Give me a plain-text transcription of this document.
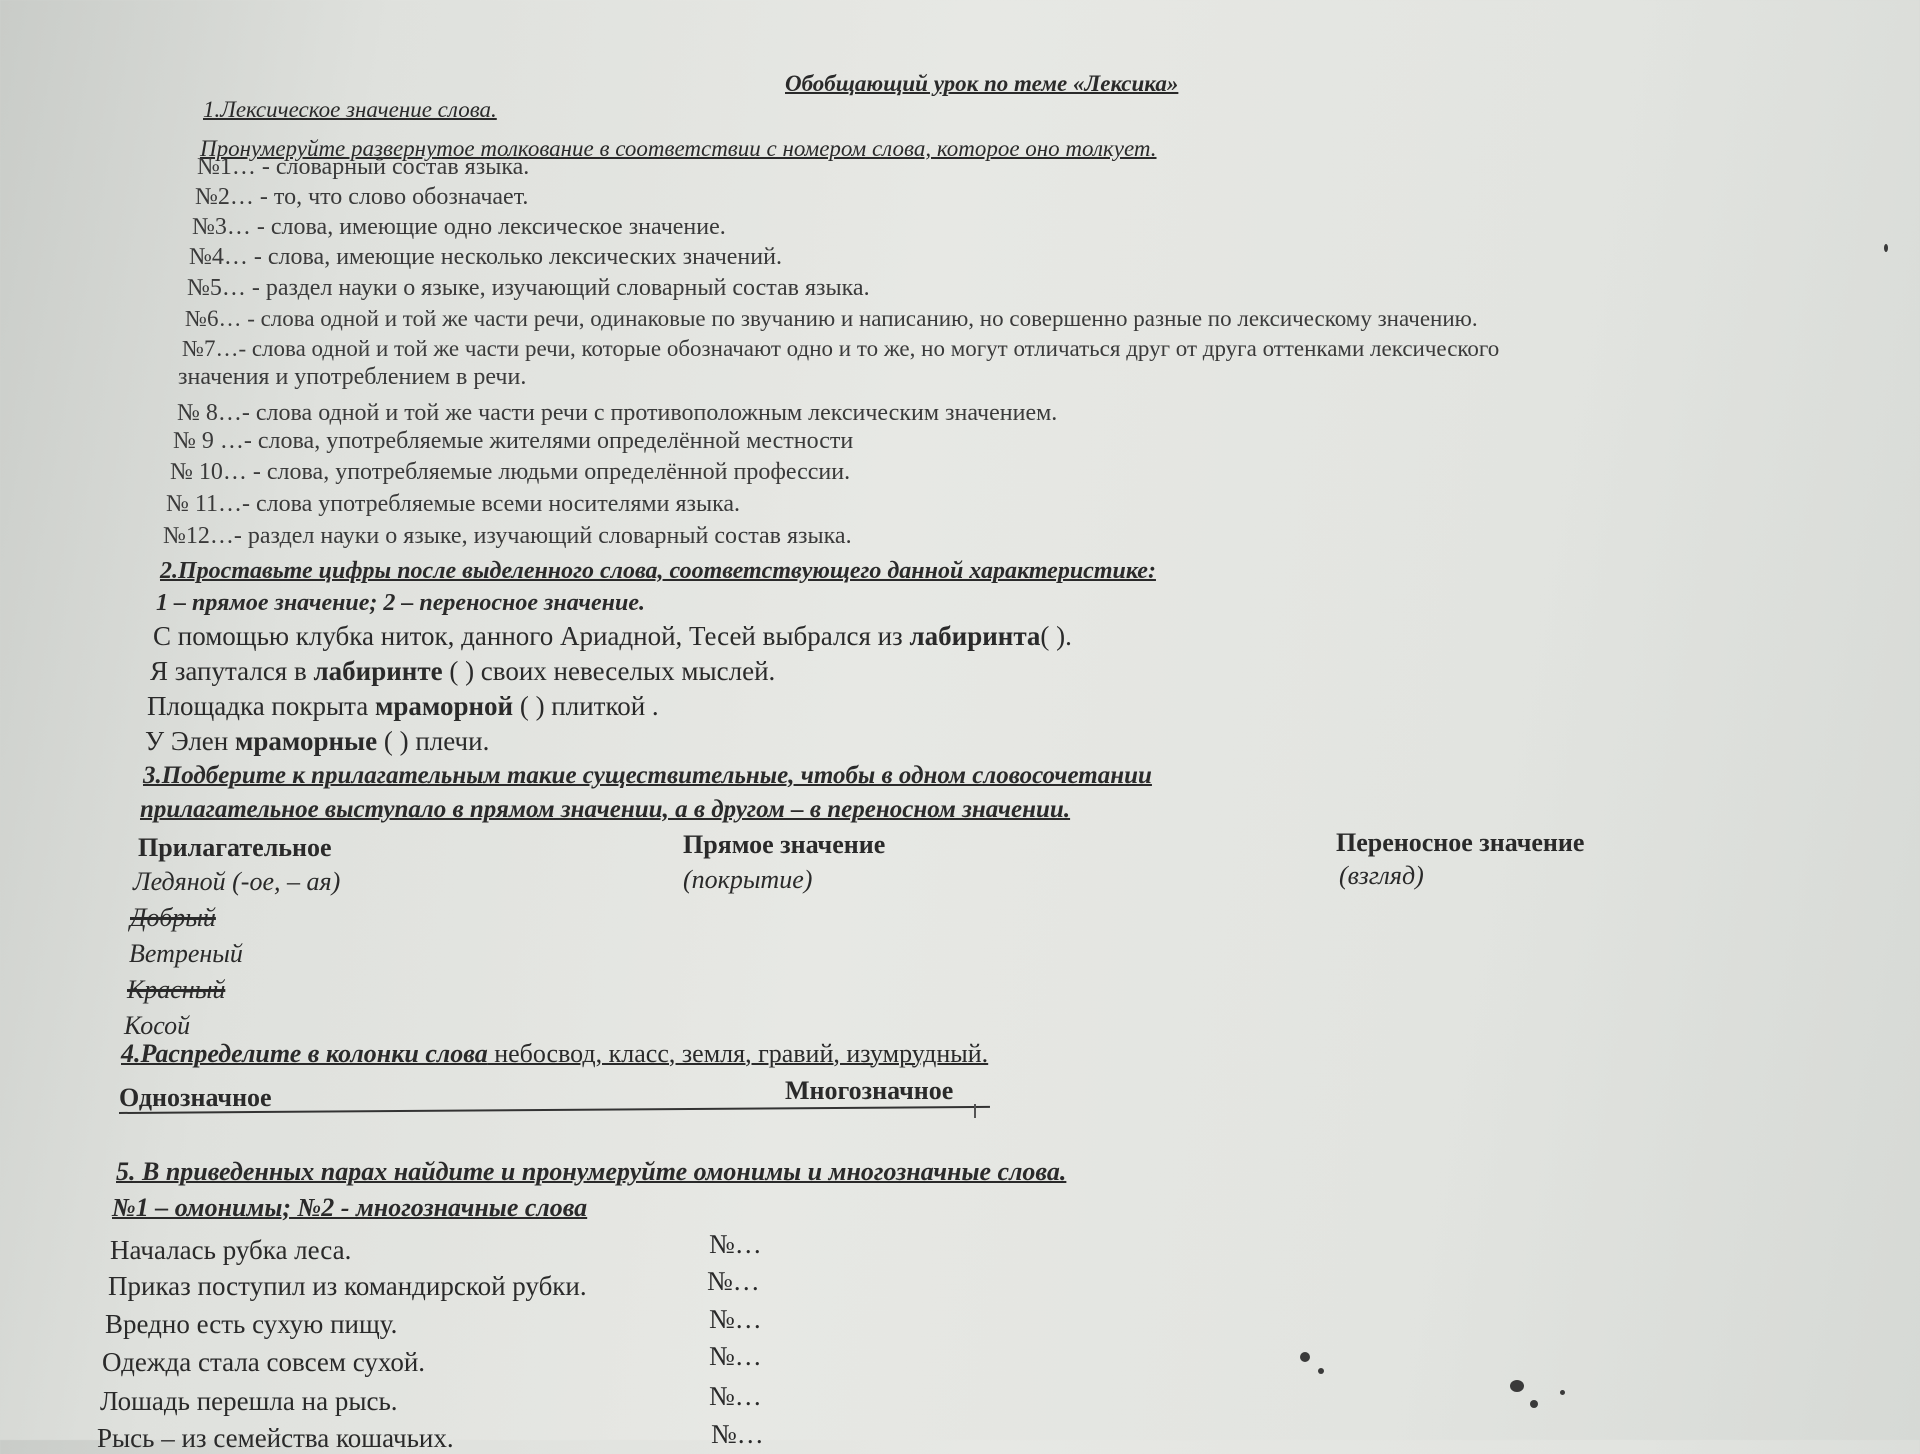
Обобщающий урок по теме «Лексика»
1.Лексическое значение слова.
Пронумеруйте развернутое толкование в соответствии с номером слова, которое оно толкует.
№1… - словарный состав языка.
№2… - то, что слово обозначает.
№3… - слова, имеющие одно лексическое значение.
№4… - слова, имеющие несколько лексических значений.
№5… - раздел науки о языке, изучающий словарный состав языка.
№6… - слова одной и той же части речи, одинаковые по звучанию и написанию, но совершенно разные по лексическому значению.
№7…- слова одной и той же части речи, которые обозначают одно и то же, но могут отличаться друг от друга оттенками лексического
значения и употреблением в речи.
№ 8…- слова одной и той же части речи с противоположным лексическим значением.
№ 9 …- слова, употребляемые жителями определённой местности
№ 10… - слова, употребляемые людьми определённой профессии.
№ 11…- слова употребляемые всеми носителями языка.
№12…- раздел науки о языке, изучающий словарный состав языка.
2.Проставьте цифры после выделенного слова, соответствующего данной характеристике:
1 – прямое значение; 2 – переносное значение.
С помощью клубка ниток, данного Ариадной, Тесей выбрался из лабиринта( ).
Я запутался в лабиринте ( ) своих невеселых мыслей.
Площадка покрыта мраморной ( ) плиткой .
У Элен мраморные ( ) плечи.
3.Подберите к прилагательным такие существительные, чтобы в одном словосочетании
прилагательное выступало в прямом значении, а в другом – в переносном значении.
Прилагательное	Прямое значение	Переносное значение
Ледяной (-ое, – ая)	(покрытие)	(взгляд)
Добрый
Ветреный
Красный
Косой
4.Распределите в колонки слова небосвод, класс, земля, гравий, изумрудный.
Однозначное	Многозначное
5. В приведенных парах найдите и пронумеруйте омонимы и многозначные слова.
№1 – омонимы; №2 - многозначные слова
Началась рубка леса.	№…
Приказ поступил из командирской рубки.	№…
Вредно есть сухую пищу.	№…
Одежда стала совсем сухой.	№…
Лошадь перешла на рысь.	№…
Рысь – из семейства кошачьих.	№…
